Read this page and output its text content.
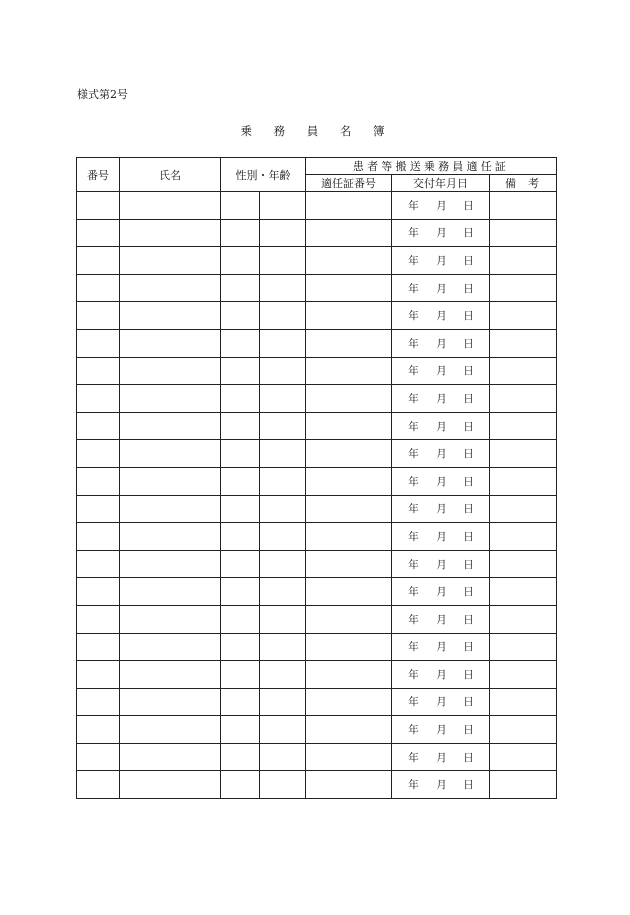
様式第2号
乗 務 員 名 簿
番号	氏名	性別・年齢		患者等搬送乗務員適任証		
				適任証番号	交付年月日	備考
					年 月 日	
					年 月 日	
					年 月 日	
					年 月 日	
					年 月 日	
					年 月 日	
					年 月 日	
					年 月 日	
					年 月 日	
					年 月 日	
					年 月 日	
					年 月 日	
					年 月 日	
					年 月 日	
					年 月 日	
					年 月 日	
					年 月 日	
					年 月 日	
					年 月 日	
					年 月 日	
					年 月 日	
					年 月 日	
